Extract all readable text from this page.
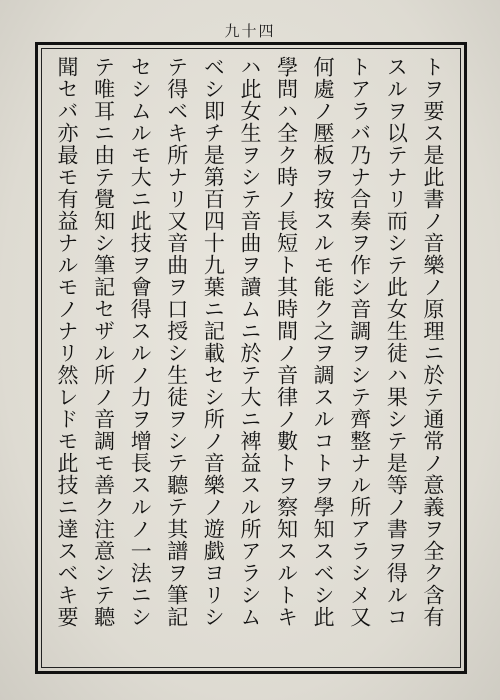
九十四
トヲ要ス是此書ノ音樂ノ原理ニ於テ通常ノ意義ヲ全ク含有
スルヲ以テナリ而シテ此女生徒ハ果シテ是等ノ書ヲ得ルコ
トアラバ乃ナ合奏ヲ作シ音調ヲシテ齊整ナル所アラシメ又
何處ノ壓板ヲ按スルモ能ク之ヲ調スルコトヲ學知スベシ此
學問ハ全ク時ノ長短ト其時間ノ音律ノ數トヲ察知スルトキ
ハ此女生ヲシテ音曲ヲ讀ムニ於テ大ニ裨益スル所アラシム
ベシ即チ是第百四十九葉ニ記載セシ所ノ音樂ノ遊戯ヨリシ
テ得ベキ所ナリ又音曲ヲ口授シ生徒ヲシテ聽テ其譜ヲ筆記
セシムルモ大ニ此技ヲ會得スルノ力ヲ增長スルノ一法ニシ
テ唯耳ニ由テ覺知シ筆記セザル所ノ音調モ善ク注意シテ聽
聞セバ亦最モ有益ナルモノナリ然レドモ此技ニ達スベキ要
